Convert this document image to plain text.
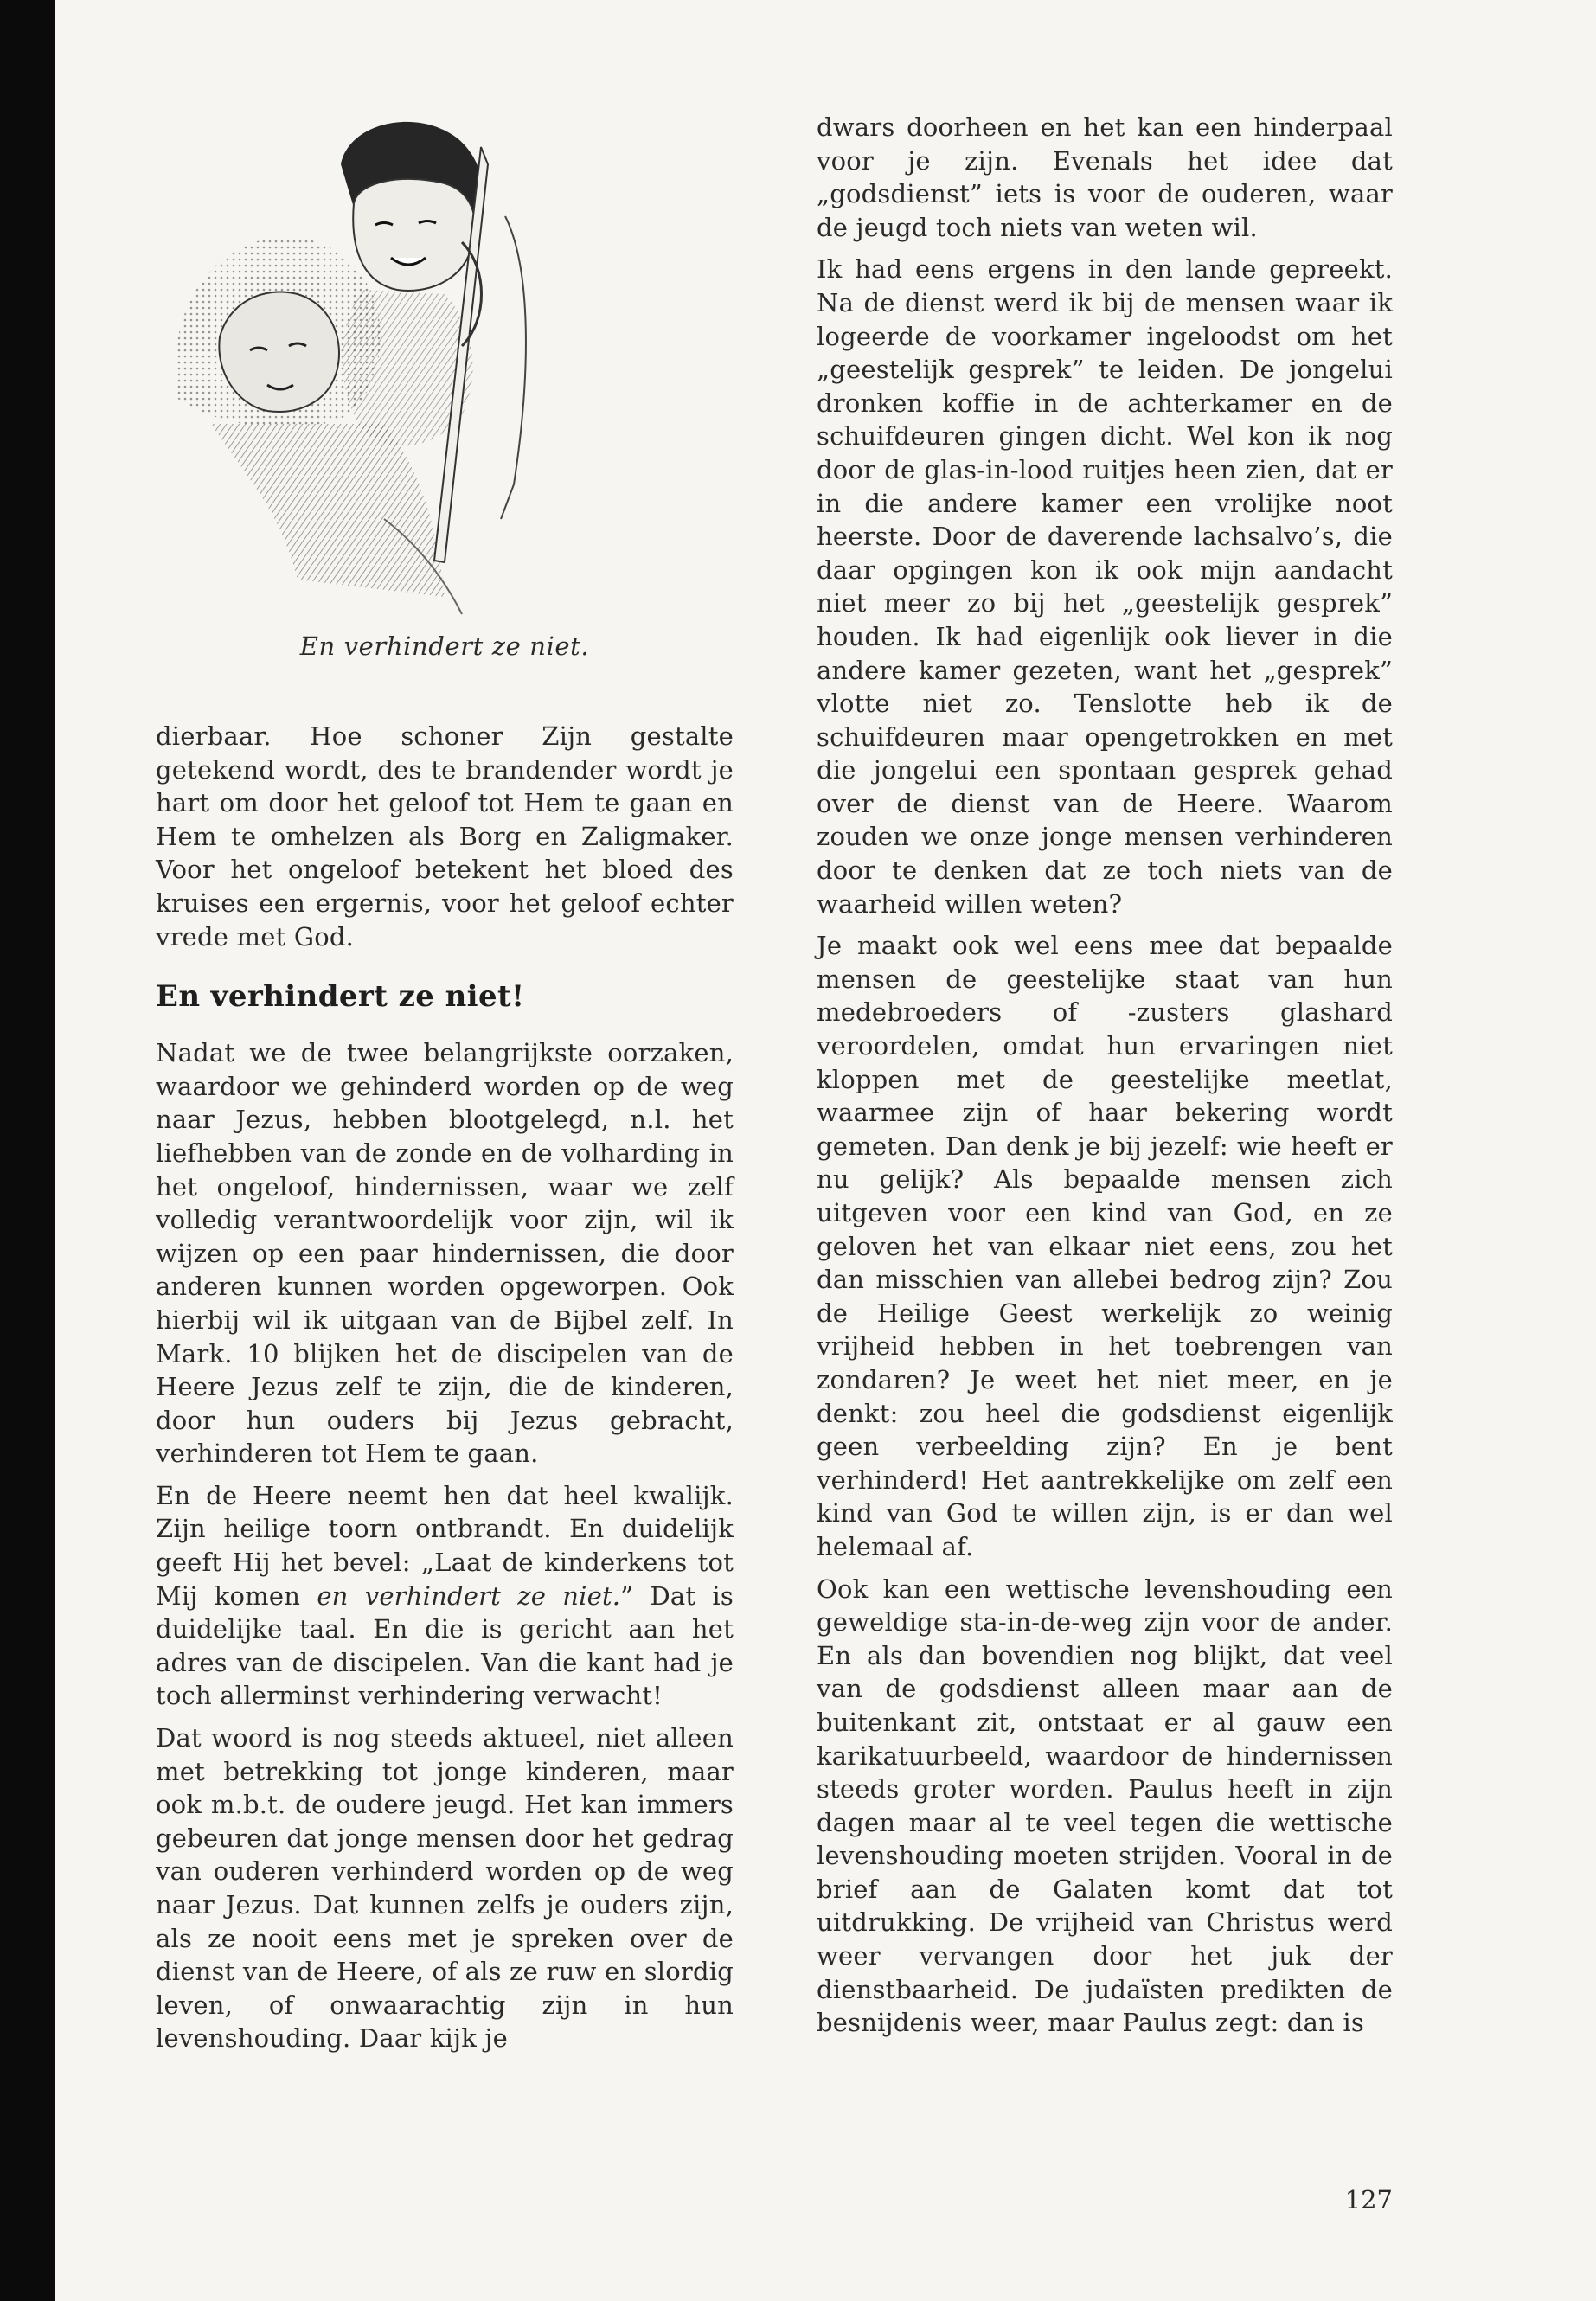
En verhindert ze niet.

dierbaar. Hoe schoner Zijn gestalte getekend wordt, des te brandender wordt je hart om door het geloof tot Hem te gaan en Hem te omhelzen als Borg en Zaligmaker. Voor het ongeloof betekent het bloed des kruises een ergernis, voor het geloof echter vrede met God.

En verhindert ze niet!

Nadat we de twee belangrijkste oorzaken, waardoor we gehinderd worden op de weg naar Jezus, hebben blootgelegd, n.l. het liefhebben van de zonde en de volharding in het ongeloof, hindernissen, waar we zelf volledig verantwoordelijk voor zijn, wil ik wijzen op een paar hindernissen, die door anderen kunnen worden opgeworpen. Ook hierbij wil ik uitgaan van de Bijbel zelf. In Mark. 10 blijken het de discipelen van de Heere Jezus zelf te zijn, die de kinderen, door hun ouders bij Jezus gebracht, verhinderen tot Hem te gaan.

En de Heere neemt hen dat heel kwalijk. Zijn heilige toorn ontbrandt. En duidelijk geeft Hij het bevel: „Laat de kinderkens tot Mij komen en verhindert ze niet.” Dat is duidelijke taal. En die is gericht aan het adres van de discipelen. Van die kant had je toch allerminst verhindering verwacht!

Dat woord is nog steeds aktueel, niet alleen met betrekking tot jonge kinderen, maar ook m.b.t. de oudere jeugd. Het kan immers gebeuren dat jonge mensen door het gedrag van ouderen verhinderd worden op de weg naar Jezus. Dat kunnen zelfs je ouders zijn, als ze nooit eens met je spreken over de dienst van de Heere, of als ze ruw en slordig leven, of onwaarachtig zijn in hun levenshouding. Daar kijk je

dwars doorheen en het kan een hinderpaal voor je zijn. Evenals het idee dat „godsdienst” iets is voor de ouderen, waar de jeugd toch niets van weten wil.

Ik had eens ergens in den lande gepreekt. Na de dienst werd ik bij de mensen waar ik logeerde de voorkamer ingeloodst om het „geestelijk gesprek” te leiden. De jongelui dronken koffie in de achterkamer en de schuifdeuren gingen dicht. Wel kon ik nog door de glas-in-lood ruitjes heen zien, dat er in die andere kamer een vrolijke noot heerste. Door de daverende lachsalvo’s, die daar opgingen kon ik ook mijn aandacht niet meer zo bij het „geestelijk gesprek” houden. Ik had eigenlijk ook liever in die andere kamer gezeten, want het „gesprek” vlotte niet zo. Tenslotte heb ik de schuifdeuren maar opengetrokken en met die jongelui een spontaan gesprek gehad over de dienst van de Heere. Waarom zouden we onze jonge mensen verhinderen door te denken dat ze toch niets van de waarheid willen weten?

Je maakt ook wel eens mee dat bepaalde mensen de geestelijke staat van hun medebroeders of -zusters glashard veroordelen, omdat hun ervaringen niet kloppen met de geestelijke meetlat, waarmee zijn of haar bekering wordt gemeten. Dan denk je bij jezelf: wie heeft er nu gelijk? Als bepaalde mensen zich uitgeven voor een kind van God, en ze geloven het van elkaar niet eens, zou het dan misschien van allebei bedrog zijn? Zou de Heilige Geest werkelijk zo weinig vrijheid hebben in het toebrengen van zondaren? Je weet het niet meer, en je denkt: zou heel die godsdienst eigenlijk geen verbeelding zijn? En je bent verhinderd! Het aantrekkelijke om zelf een kind van God te willen zijn, is er dan wel helemaal af.

Ook kan een wettische levenshouding een geweldige sta-in-de-weg zijn voor de ander. En als dan bovendien nog blijkt, dat veel van de godsdienst alleen maar aan de buitenkant zit, ontstaat er al gauw een karikatuurbeeld, waardoor de hindernissen steeds groter worden. Paulus heeft in zijn dagen maar al te veel tegen die wettische levenshouding moeten strijden. Vooral in de brief aan de Galaten komt dat tot uitdrukking. De vrijheid van Christus werd weer vervangen door het juk der dienstbaarheid. De judaïsten predikten de besnijdenis weer, maar Paulus zegt: dan is

127
